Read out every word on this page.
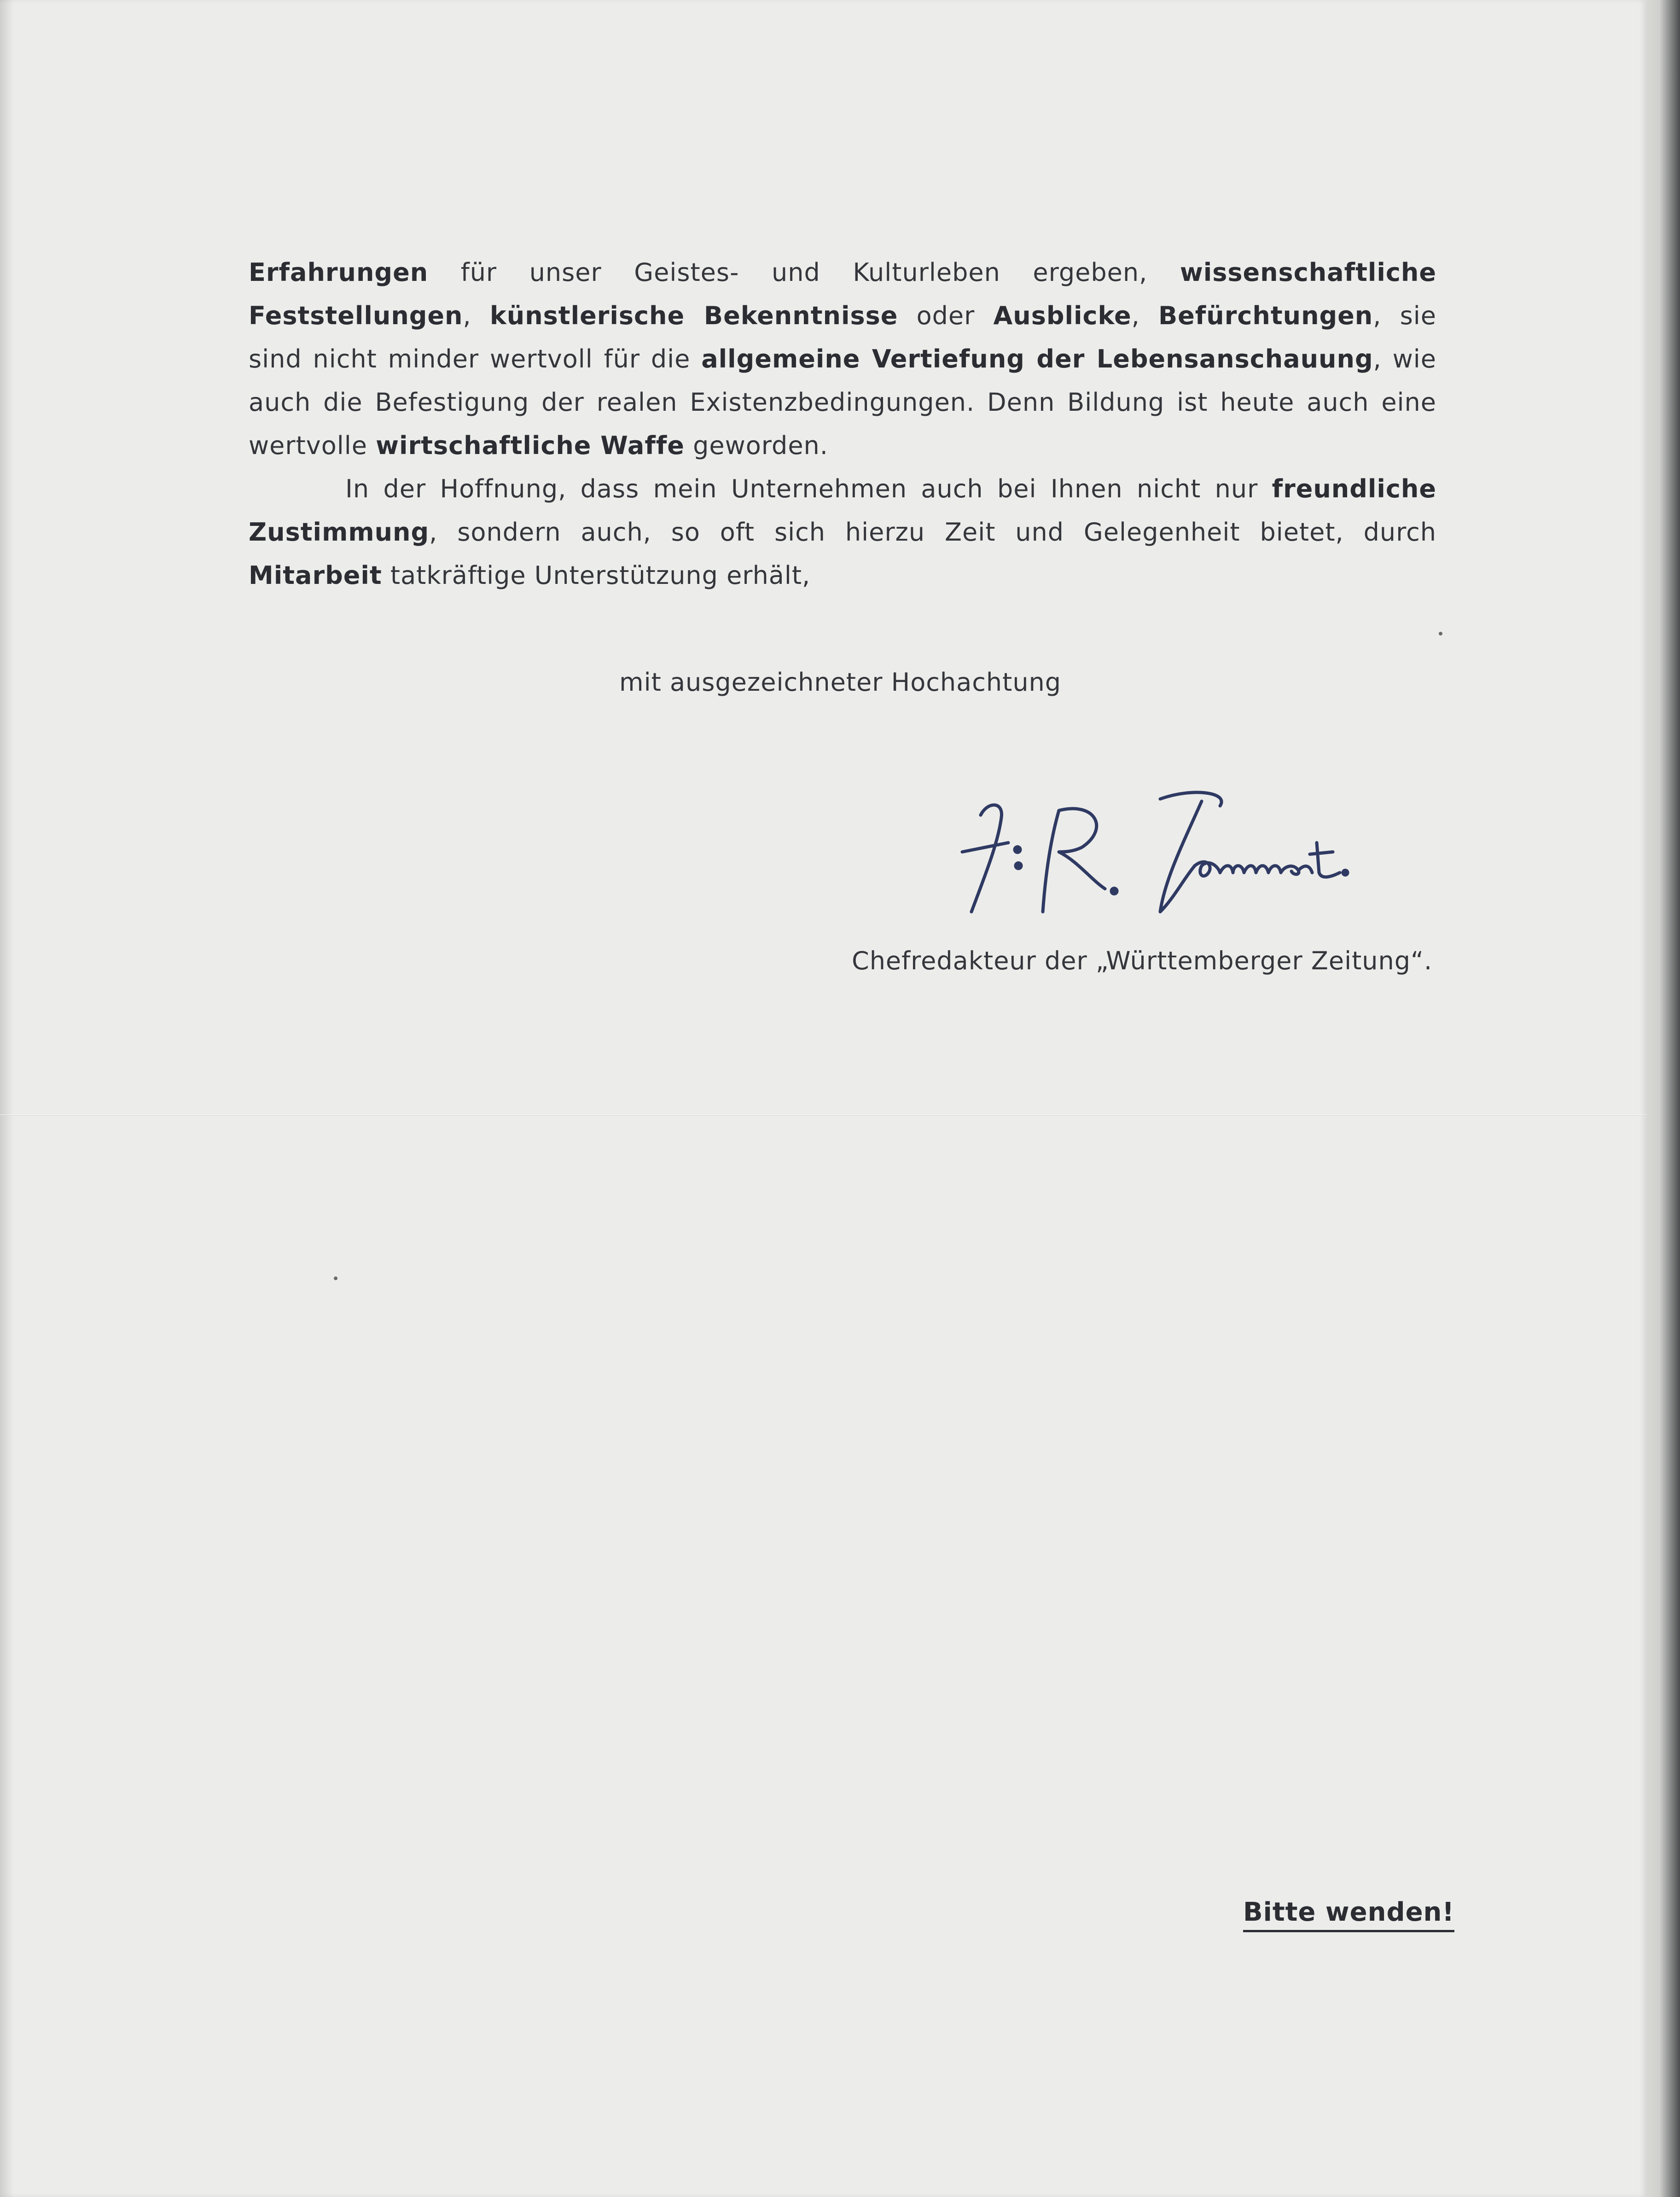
Erfahrungen für unser Geistes- und Kulturleben ergeben, wissenschaftliche Feststellungen, künstlerische Bekenntnisse oder Ausblicke, Befürchtungen, sie sind nicht minder wertvoll für die allgemeine Vertiefung der Lebensanschauung, wie auch die Befestigung der realen Existenzbedingungen. Denn Bildung ist heute auch eine wertvolle wirtschaftliche Waffe geworden.

In der Hoffnung, dass mein Unternehmen auch bei Ihnen nicht nur freundliche Zustimmung, sondern auch, so oft sich hierzu Zeit und Gelegenheit bietet, durch Mitarbeit tatkräftige Unterstützung erhält,

mit ausgezeichneter Hochachtung
Chefredakteur der „Württemberger Zeitung“.
Bitte wenden!
